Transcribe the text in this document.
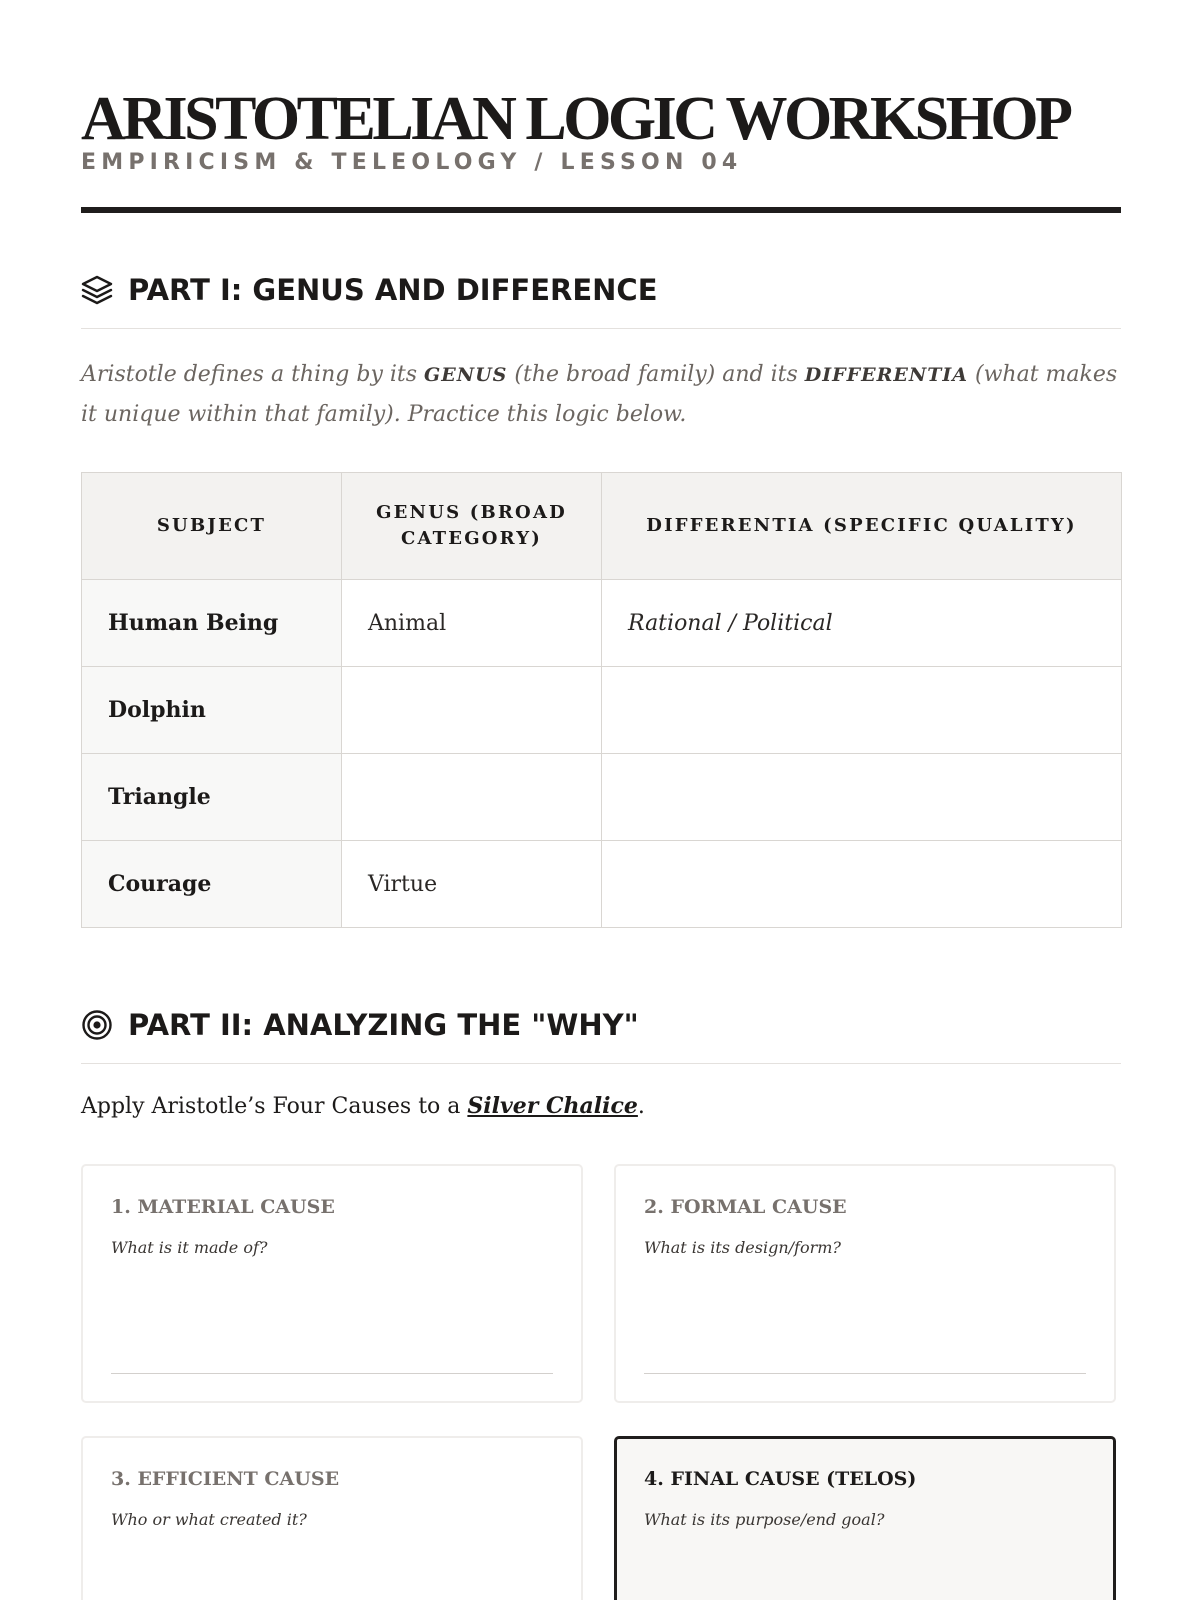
ARISTOTELIAN LOGIC WORKSHOP
EMPIRICISM & TELEOLOGY / LESSON 04
PART I: GENUS AND DIFFERENCE
Aristotle defines a thing by its GENUS (the broad family) and its DIFFERENTIA (what makes it unique within that family). Practice this logic below.
SUBJECT	GENUS (BROAD CATEGORY)	DIFFERENTIA (SPECIFIC QUALITY)
Human Being	Animal	Rational / Political
Dolphin		
Triangle		
Courage	Virtue	
PART II: ANALYZING THE "WHY"
Apply Aristotle’s Four Causes to a Silver Chalice.
1. MATERIAL CAUSE
What is it made of?
2. FORMAL CAUSE
What is its design/form?
3. EFFICIENT CAUSE
Who or what created it?
4. FINAL CAUSE (TELOS)
What is its purpose/end goal?
